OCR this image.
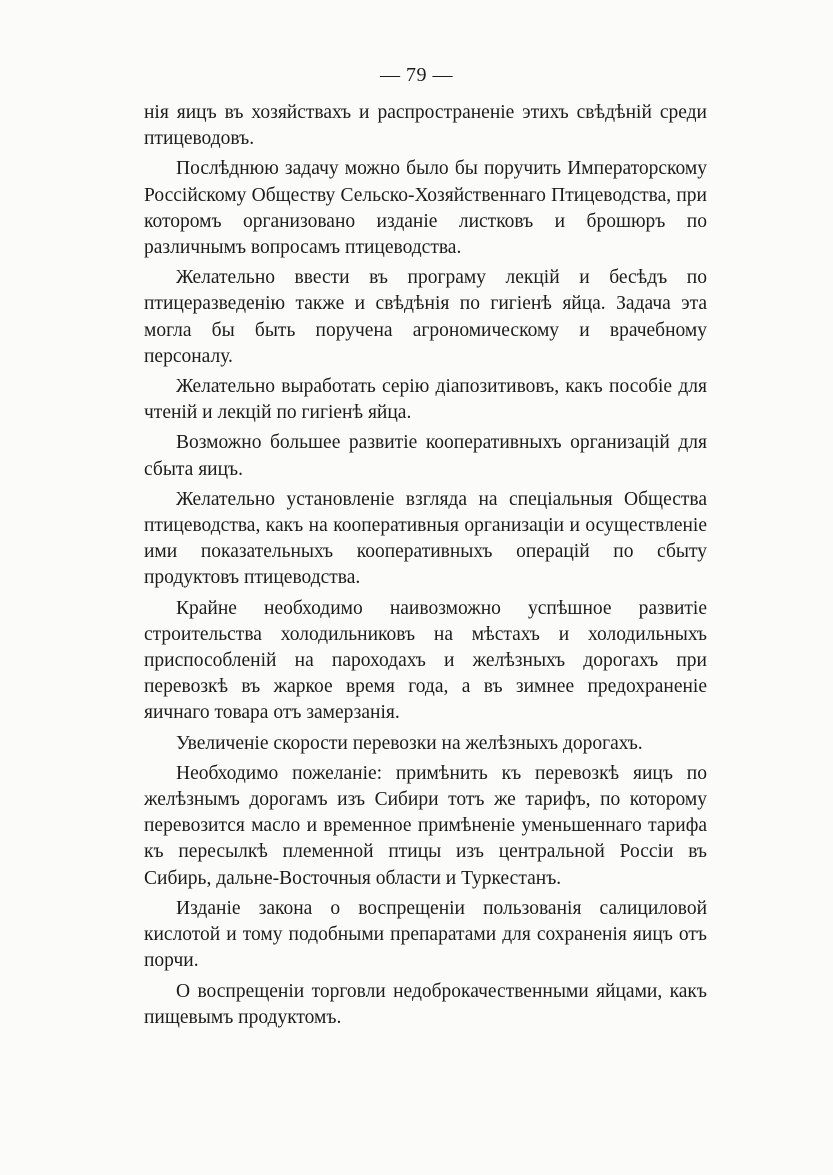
— 79 —

нія яицъ въ хозяйствахъ и распространеніе этихъ свѣдѣній среди птицеводовъ.

Послѣднюю задачу можно было бы поручить Императорскому Россійскому Обществу Сельско-Хозяйственнаго Птицеводства, при которомъ организовано изданіе листковъ и брошюръ по различнымъ вопросамъ птицеводства.

Желательно ввести въ програму лекцій и бесѣдъ по птицеразведенію также и свѣдѣнія по гигіенѣ яйца. Задача эта могла бы быть поручена агрономическому и врачебному персоналу.

Желательно выработать серію діапозитивовъ, какъ пособіе для чтеній и лекцій по гигіенѣ яйца.

Возможно большее развитіе кооперативныхъ организацій для сбыта яицъ.

Желательно установленіе взгляда на спеціальныя Общества птицеводства, какъ на кооперативныя организаціи и осуществленіе ими показательныхъ кооперативныхъ операцій по сбыту продуктовъ птицеводства.

Крайне необходимо наивозможно успѣшное развитіе строительства холодильниковъ на мѣстахъ и холодильныхъ приспособленій на пароходахъ и желѣзныхъ дорогахъ при перевозкѣ въ жаркое время года, а въ зимнее предохраненіе яичнаго товара отъ замерзанія.

Увеличеніе скорости перевозки на желѣзныхъ дорогахъ.

Необходимо пожеланіе: примѣнить къ перевозкѣ яицъ по желѣзнымъ дорогамъ изъ Сибири тотъ же тарифъ, по которому перевозится масло и временное примѣненіе уменьшеннаго тарифа къ пересылкѣ племенной птицы изъ центральной Россіи въ Сибирь, дальне-Восточныя области и Туркестанъ.

Изданіе закона о воспрещеніи пользованія салициловой кислотой и тому подобными препаратами для сохраненія яицъ отъ порчи.

О воспрещеніи торговли недоброкачественными яйцами, какъ пищевымъ продуктомъ.
